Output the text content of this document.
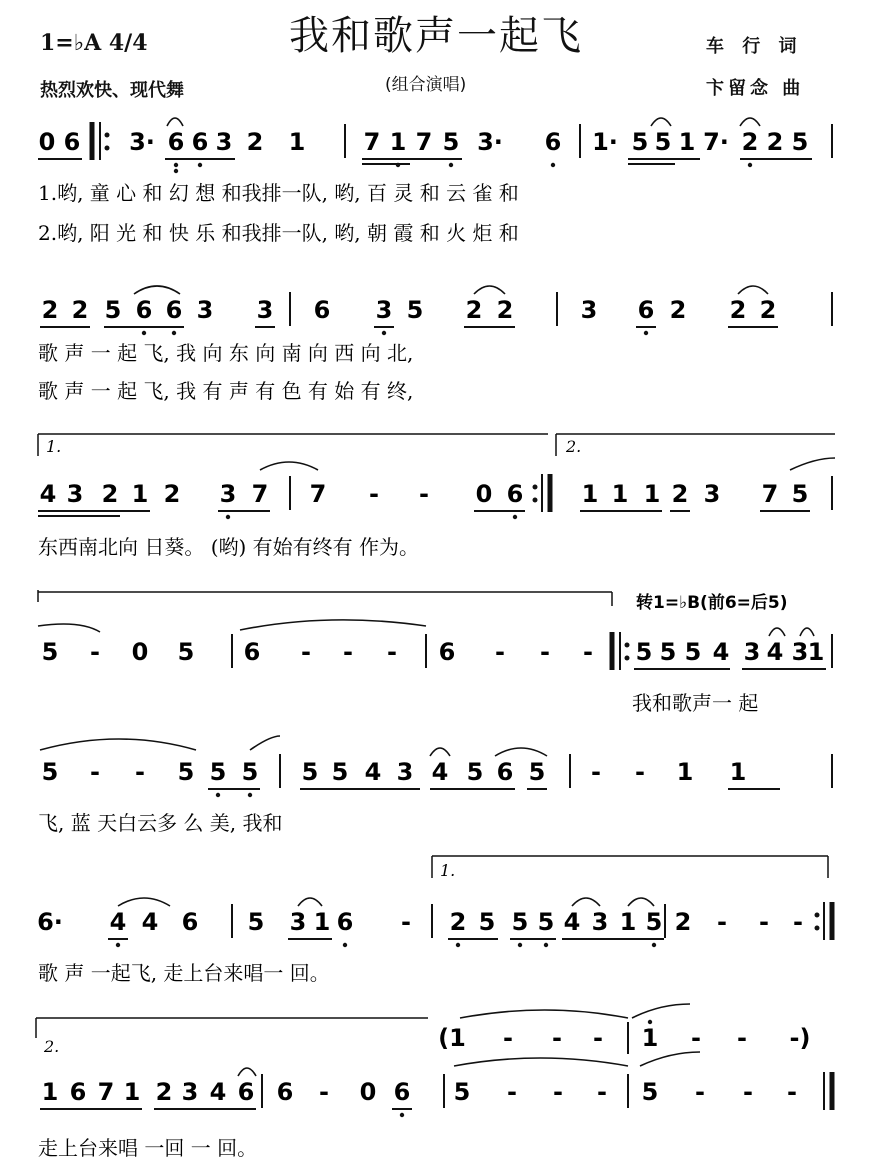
我和歌声一起飞
1=♭A 4/4
热烈欢快、现代舞	(组合演唱)
车 行 词
卞留念 曲
0 6 3· 6 6 3 2 1 7 1 7 5 3· 6 1· 5 5 1 7· 2 2 5
1.哟, 童 心 和 幻 想 和我排一队, 哟, 百 灵 和 云 雀 和
2.哟, 阳 光 和 快 乐 和我排一队, 哟, 朝 霞 和 火 炬 和
2 2 5 6 6 3 3 6 3 5 2 2	3 6 2 2 2
歌 声 一 起 飞, 我 向 东 向 南 向 西 向 北,
歌 声 一 起 飞, 我 有 声 有 色 有 始 有 终,
1.	2.
4 3 2 1 2 3 7 7 - - 0 6 1 1 1 2 3 7 5
东西南北向 日葵。 (哟) 有始有终有 作为。
转1=♭B(前6=后5)
5 - 0 5 6 - - - 6 - - - 5 5 5 4 3 4 3 1
我和歌声一 起
5 - - 5 5 5 5 5 4 3 4 5 6 5 - - 1 1
飞, 蓝 天白云多 么 美, 我和
1.
6· 4 4 6 5 3 1 6 - 2 5 5 5 4 3 1 5 2 - - -
歌 声 一起飞, 走上台来唱一 回。
2.	(1 - - - 1 - - -)
1 6 7 1 2 3 4 6 6 - 0 6 5 - - - 5 - - -
走上台来唱 一回 一 回。
